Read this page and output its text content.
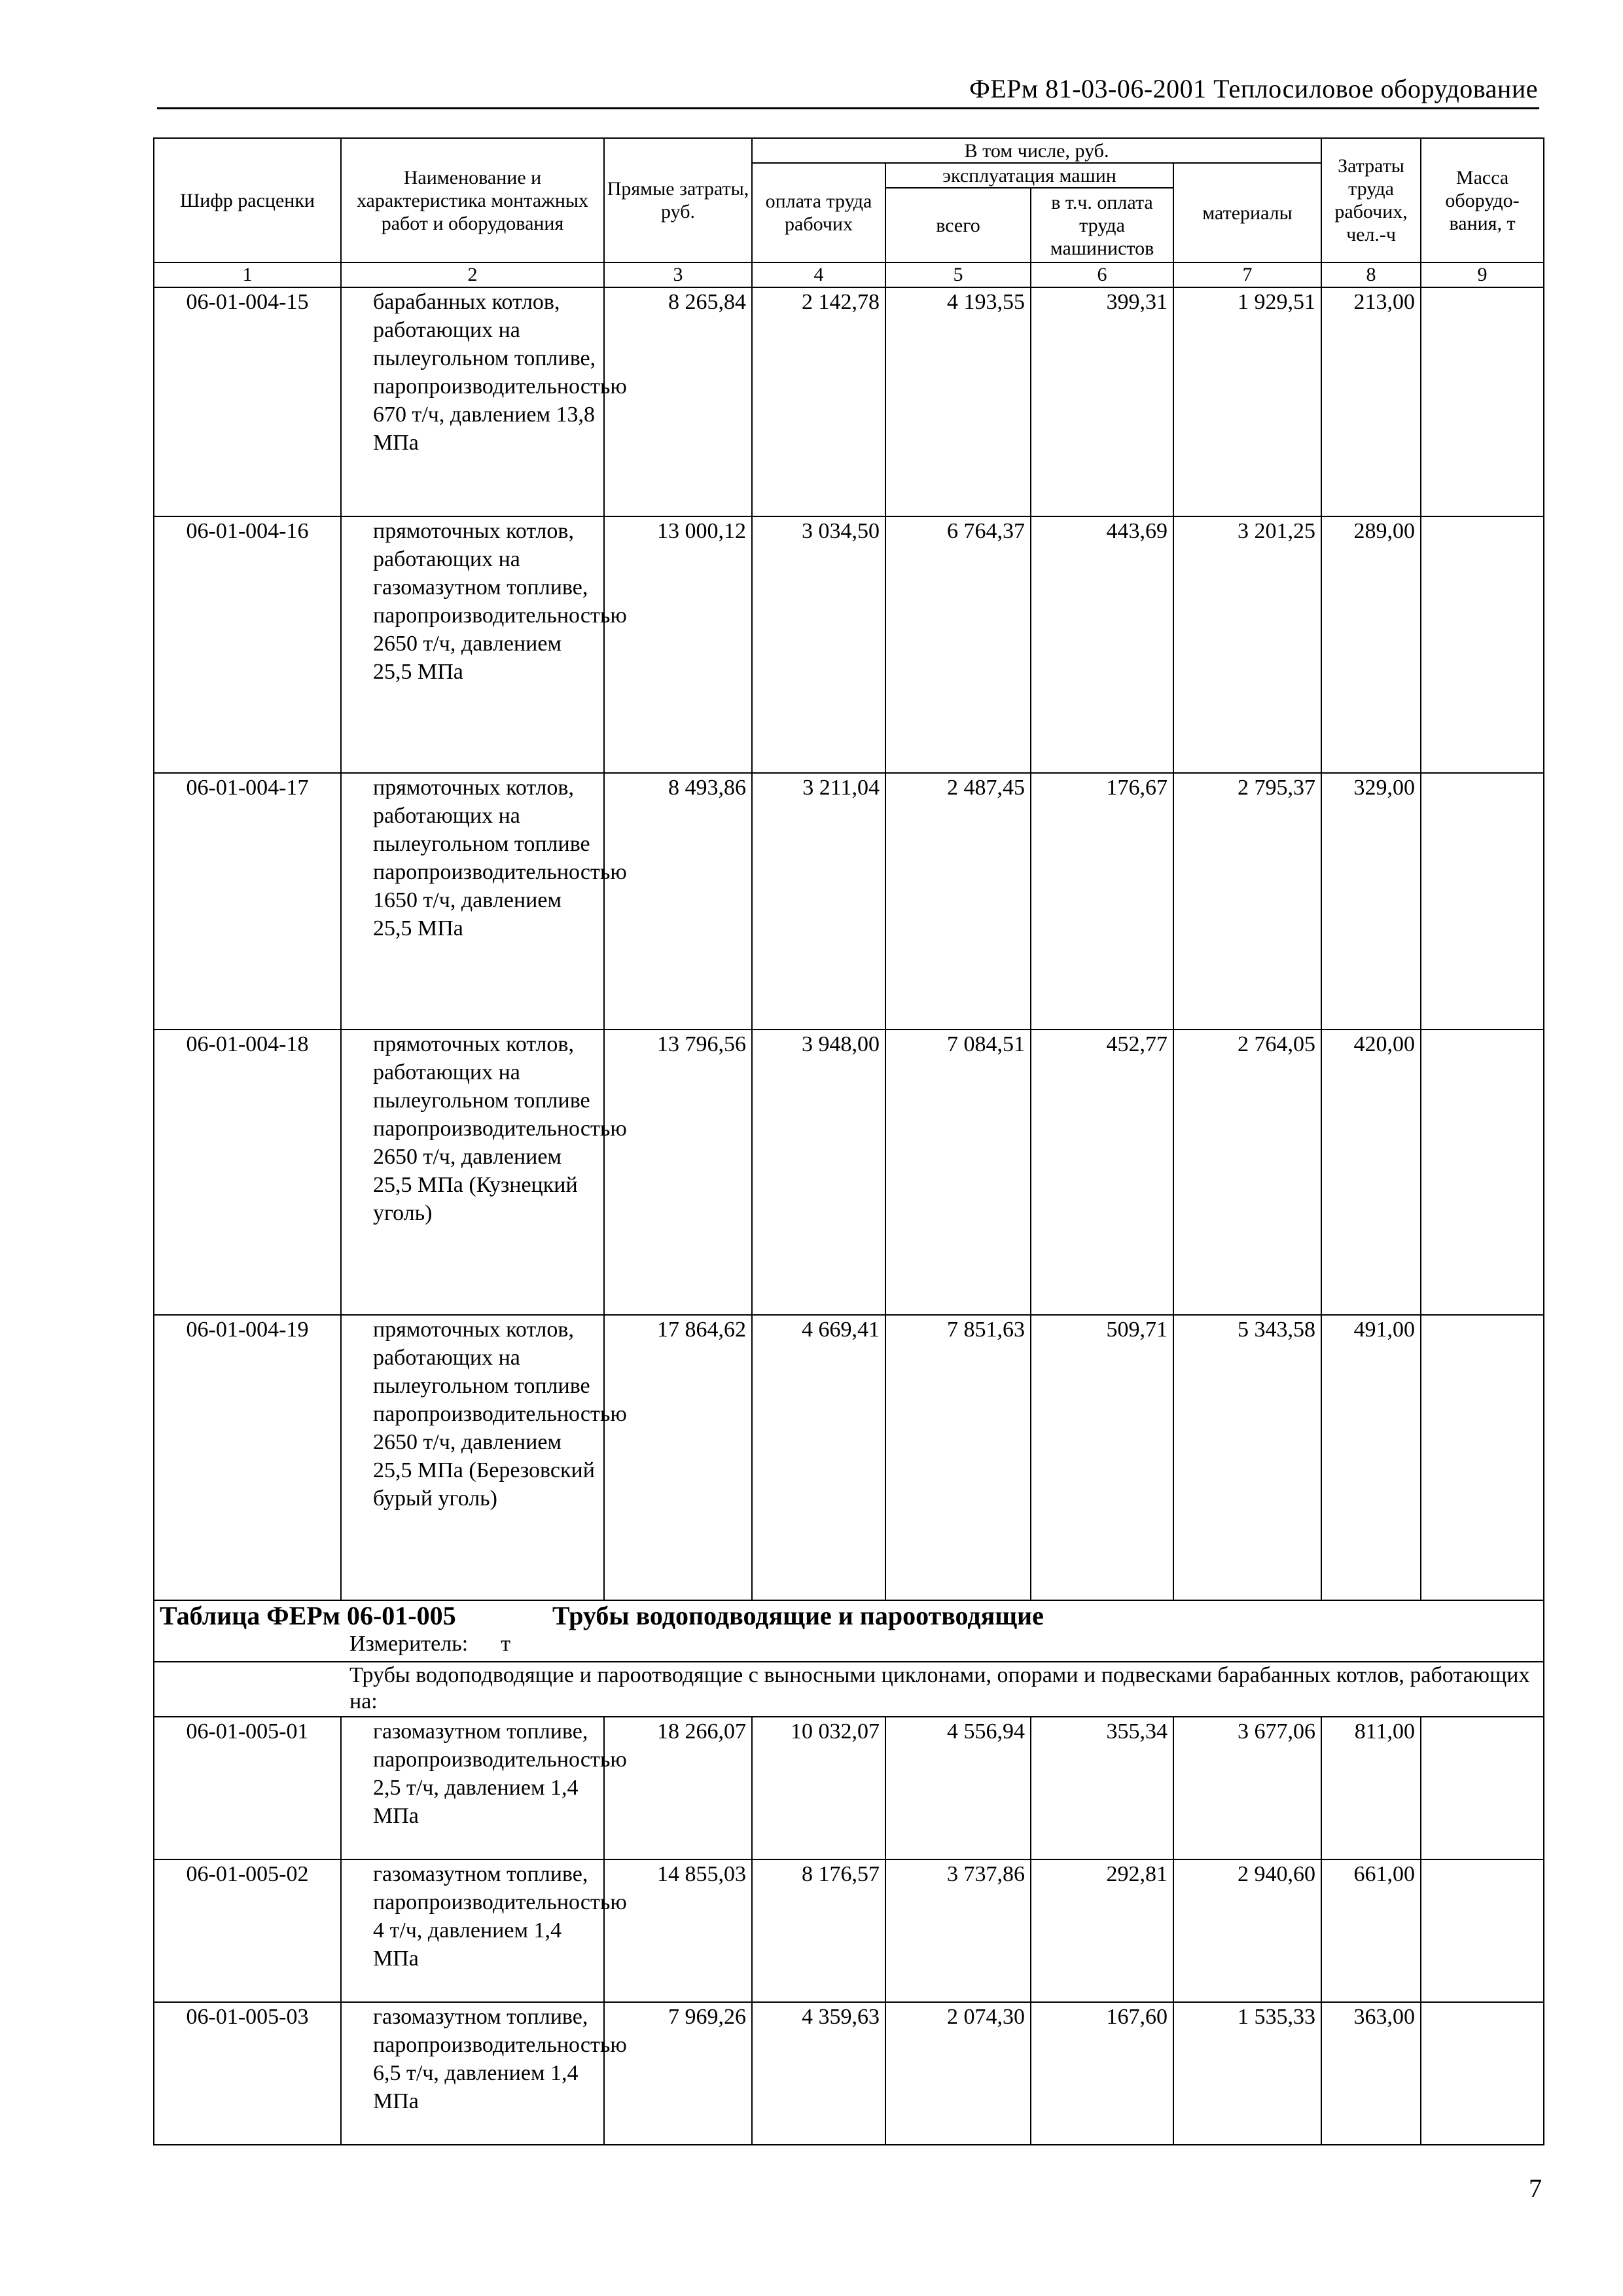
ФЕРм 81-03-06-2001 Теплосиловое оборудование
Шифр расценки	Наименование и характеристика монтажных работ и оборудования	Прямые затраты, руб.	В том числе, руб.				Затраты труда рабочих, чел.-ч	Масса оборудо-вания, т
			оплата труда рабочих	эксплуатация машин		материалы		
				всего	в т.ч. оплата труда машинистов			
1	2	3	4	5	6	7	8	9
06-01-004-15	барабанных котлов, работающих на пылеугольном топливе, паропроизводительностью 670 т/ч, давлением 13,8 МПа	8 265,84	2 142,78	4 193,55	399,31	1 929,51	213,00	
06-01-004-16	прямоточных котлов, работающих на газомазутном топливе, паропроизводительностью 2650 т/ч, давлением 25,5 МПа	13 000,12	3 034,50	6 764,37	443,69	3 201,25	289,00	
06-01-004-17	прямоточных котлов, работающих на пылеугольном топливе паропроизводительностью 1650 т/ч, давлением 25,5 МПа	8 493,86	3 211,04	2 487,45	176,67	2 795,37	329,00	
06-01-004-18	прямоточных котлов, работающих на пылеугольном топливе паропроизводительностью 2650 т/ч, давлением 25,5 МПа (Кузнецкий уголь)	13 796,56	3 948,00	7 084,51	452,77	2 764,05	420,00	
06-01-004-19	прямоточных котлов, работающих на пылеугольном топливе паропроизводительностью 2650 т/ч, давлением 25,5 МПа (Березовский бурый уголь)	17 864,62	4 669,41	7 851,63	509,71	5 343,58	491,00	

Таблица ФЕРм 06-01-005 Трубы водоподводящие и пароотводящие
Измеритель: т								

Трубы водоподводящие и пароотводящие с выносными циклонами, опорами и подвесками барабанных котлов, работающих на:								
06-01-005-01	газомазутном топливе, паропроизводительностью 2,5 т/ч, давлением 1,4 МПа	18 266,07	10 032,07	4 556,94	355,34	3 677,06	811,00	
06-01-005-02	газомазутном топливе, паропроизводительностью 4 т/ч, давлением 1,4 МПа	14 855,03	8 176,57	3 737,86	292,81	2 940,60	661,00	
06-01-005-03	газомазутном топливе, паропроизводительностью 6,5 т/ч, давлением 1,4 МПа	7 969,26	4 359,63	2 074,30	167,60	1 535,33	363,00	
7
